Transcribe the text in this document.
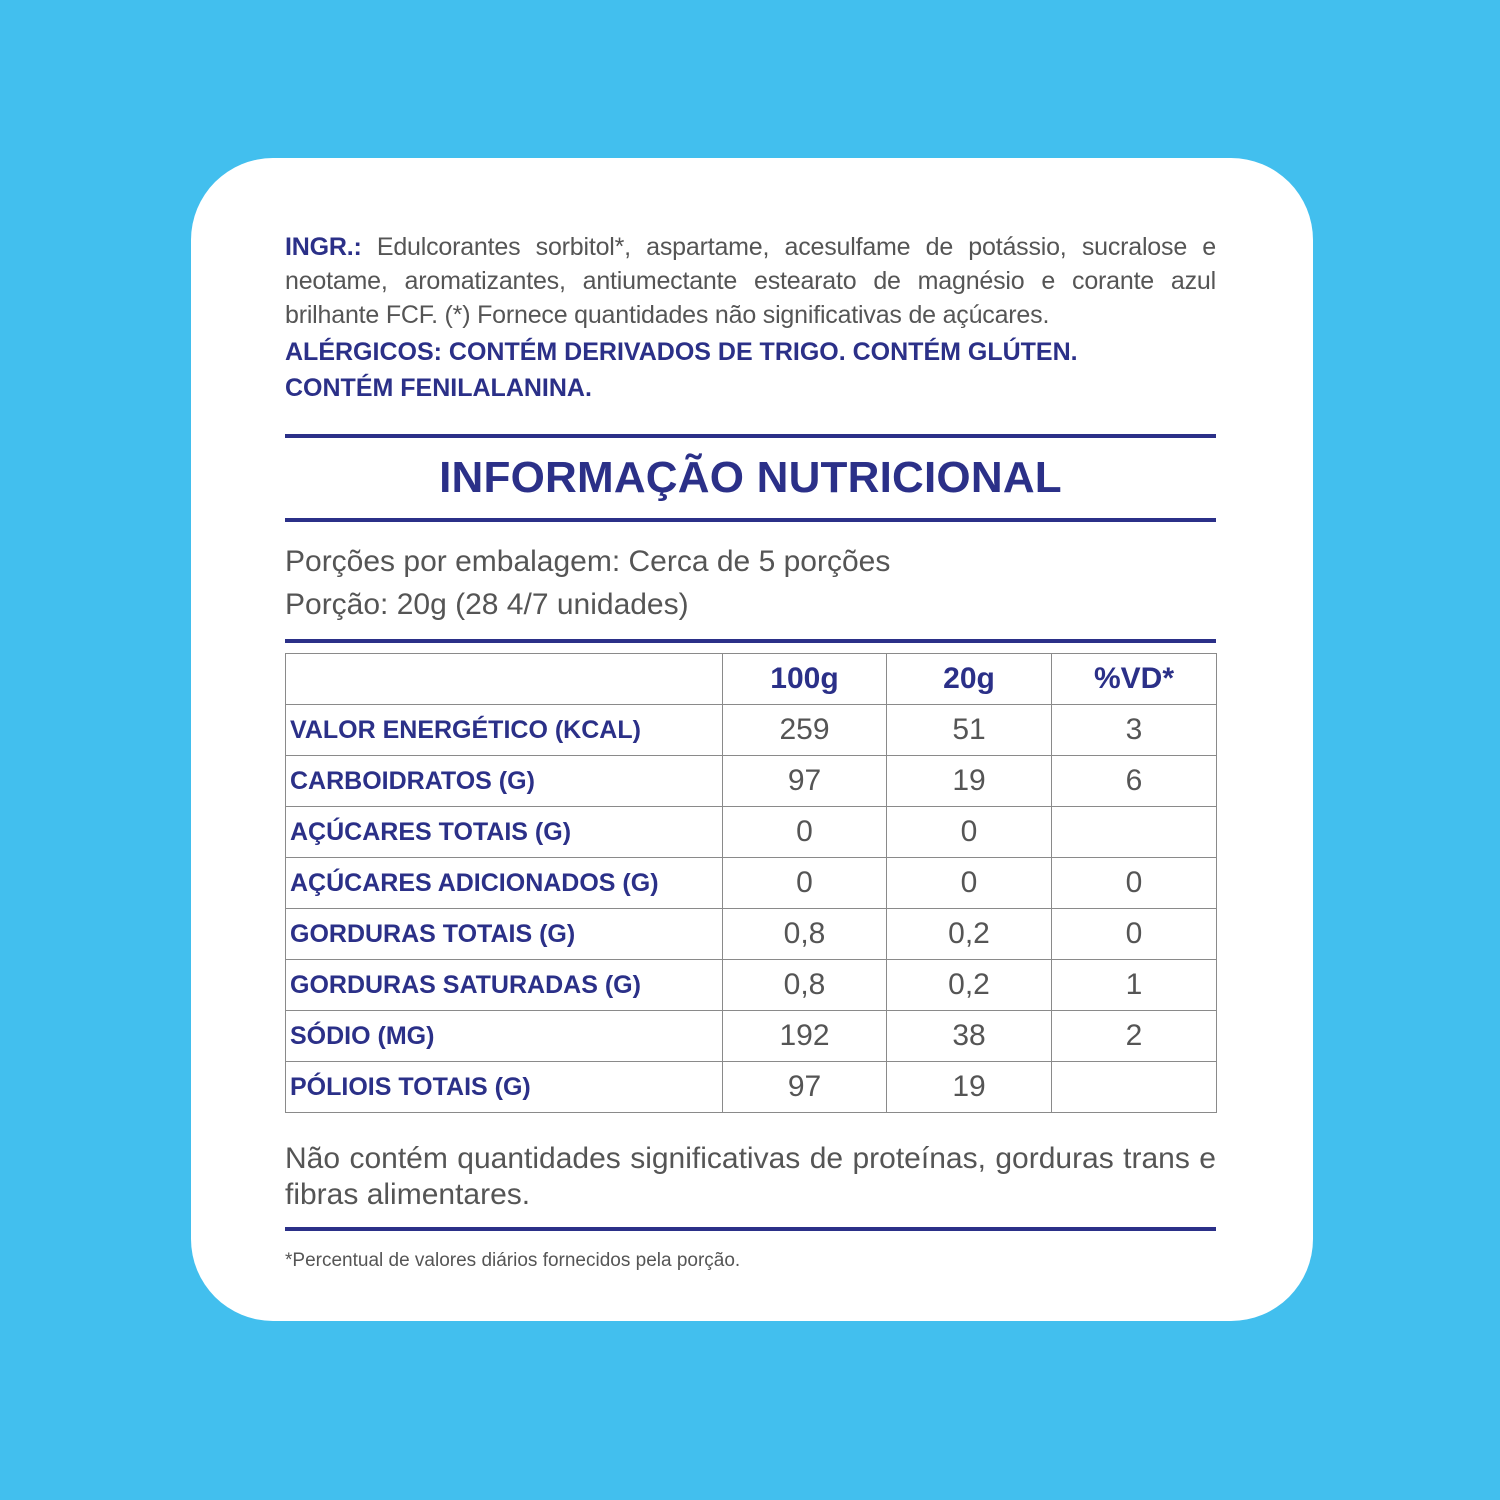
INGR.: Edulcorantes sorbitol*, aspartame, acesulfame de potássio, sucralose e neotame, aromatizantes, antiumectante estearato de magnésio e corante azul brilhante FCF. (*) Fornece quantidades não significativas de açúcares.
ALÉRGICOS: CONTÉM DERIVADOS DE TRIGO. CONTÉM GLÚTEN.
CONTÉM FENILALANINA.
INFORMAÇÃO NUTRICIONAL
Porções por embalagem: Cerca de 5 porções
Porção: 20g (28 4/7 unidades)
	100g	20g	%VD*
VALOR ENERGÉTICO (KCAL)	259	51	3
CARBOIDRATOS (G)	97	19	6
AÇÚCARES TOTAIS (G)	0	0	
AÇÚCARES ADICIONADOS (G)	0	0	0
GORDURAS TOTAIS (G)	0,8	0,2	0
GORDURAS SATURADAS (G)	0,8	0,2	1
SÓDIO (MG)	192	38	2
PÓLIOIS TOTAIS (G)	97	19	
Não contém quantidades significativas de proteínas, gorduras trans e fibras alimentares.
*Percentual de valores diários fornecidos pela porção.
